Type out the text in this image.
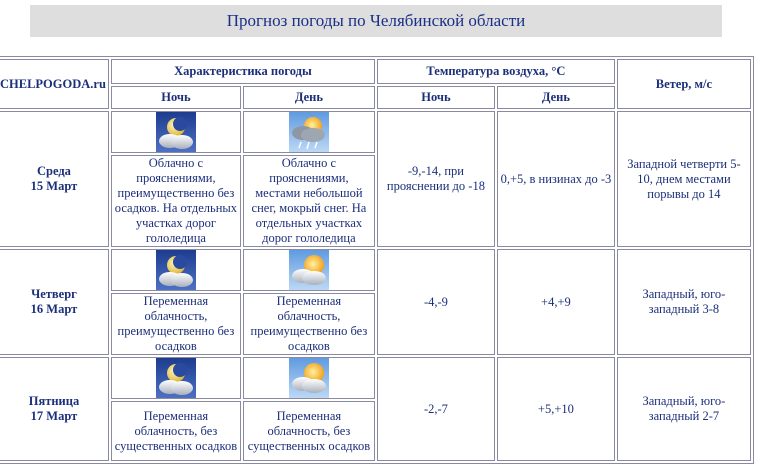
Прогноз погоды по Челябинской области
CHELPOGODA.ru	Характеристика погоды		Температура воздуха, °С		Ветер, м/с
	Ночь	День	Ночь	День	
Среда
15 Март			-9,-14, при прояснении до -18	0,+5, в низинах до -3	Западной четверти 5-10, днем местами порывы до 14
	Облачно с прояснениями, преимущественно без осадков. На отдельных участках дорог гололедица	Облачно с прояснениями, местами небольшой снег, мокрый снег. На отдельных участках дорог гололедица			
Четверг
16 Март			-4,-9	+4,+9	Западный, юго-западный 3-8
	Переменная облачность, преимущественно без осадков	Переменная облачность, преимущественно без осадков			
Пятница
17 Март			-2,-7	+5,+10	Западный, юго-западный 2-7
	Переменная облачность, без существенных осадков	Переменная облачность, без существенных осадков			
